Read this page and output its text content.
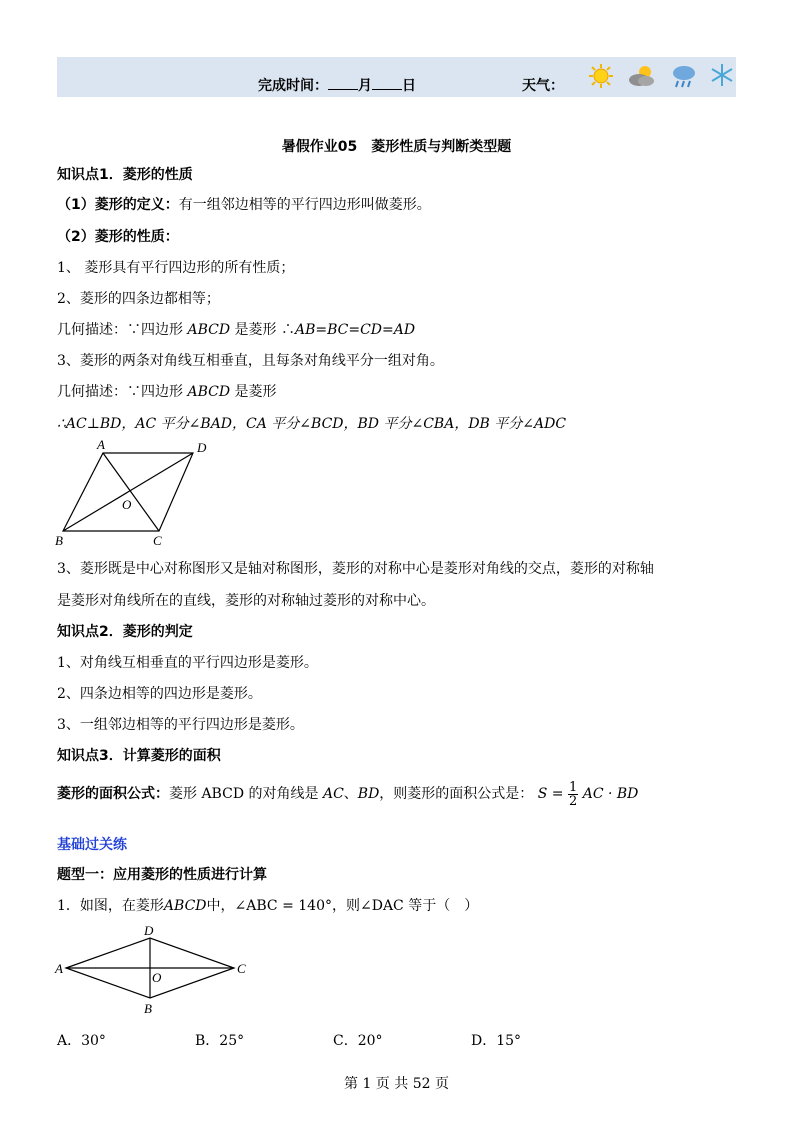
完成时间： 月 日	天气：
暑假作业05　菱形性质与判断类型题
知识点1．菱形的性质
（1）菱形的定义：有一组邻边相等的平行四边形叫做菱形。
（2）菱形的性质：
1、 菱形具有平行四边形的所有性质；
2、菱形的四条边都相等；
几何描述：∵四边形 ABCD 是菱形 ∴AB=BC=CD=AD
3、菱形的两条对角线互相垂直，且每条对角线平分一组对角。
几何描述：∵四边形 ABCD 是菱形
∴AC⊥BD，AC 平分∠BAD，CA 平分∠BCD，BD 平分∠CBA，DB 平分∠ADC
A	D
B	C
O
3、菱形既是中心对称图形又是轴对称图形，菱形的对称中心是菱形对角线的交点，菱形的对称轴
是菱形对角线所在的直线，菱形的对称轴过菱形的对称中心。
知识点2．菱形的判定
1、对角线互相垂直的平行四边形是菱形。
2、四条边相等的四边形是菱形。
3、一组邻边相等的平行四边形是菱形。
知识点3．计算菱形的面积
菱形的面积公式：菱形 ABCD 的对角线是 AC、BD，则菱形的面积公式是： $S = \frac{1}{2}$ AC · BD
基础过关练
题型一：应用菱形的性质进行计算
1．如图，在菱形ABCD中，∠ABC = 140°，则∠DAC 等于（　）
A
D
C
B
O
A．30°	B．25°	C．20°	D．15°
第 1 页 共 52 页
